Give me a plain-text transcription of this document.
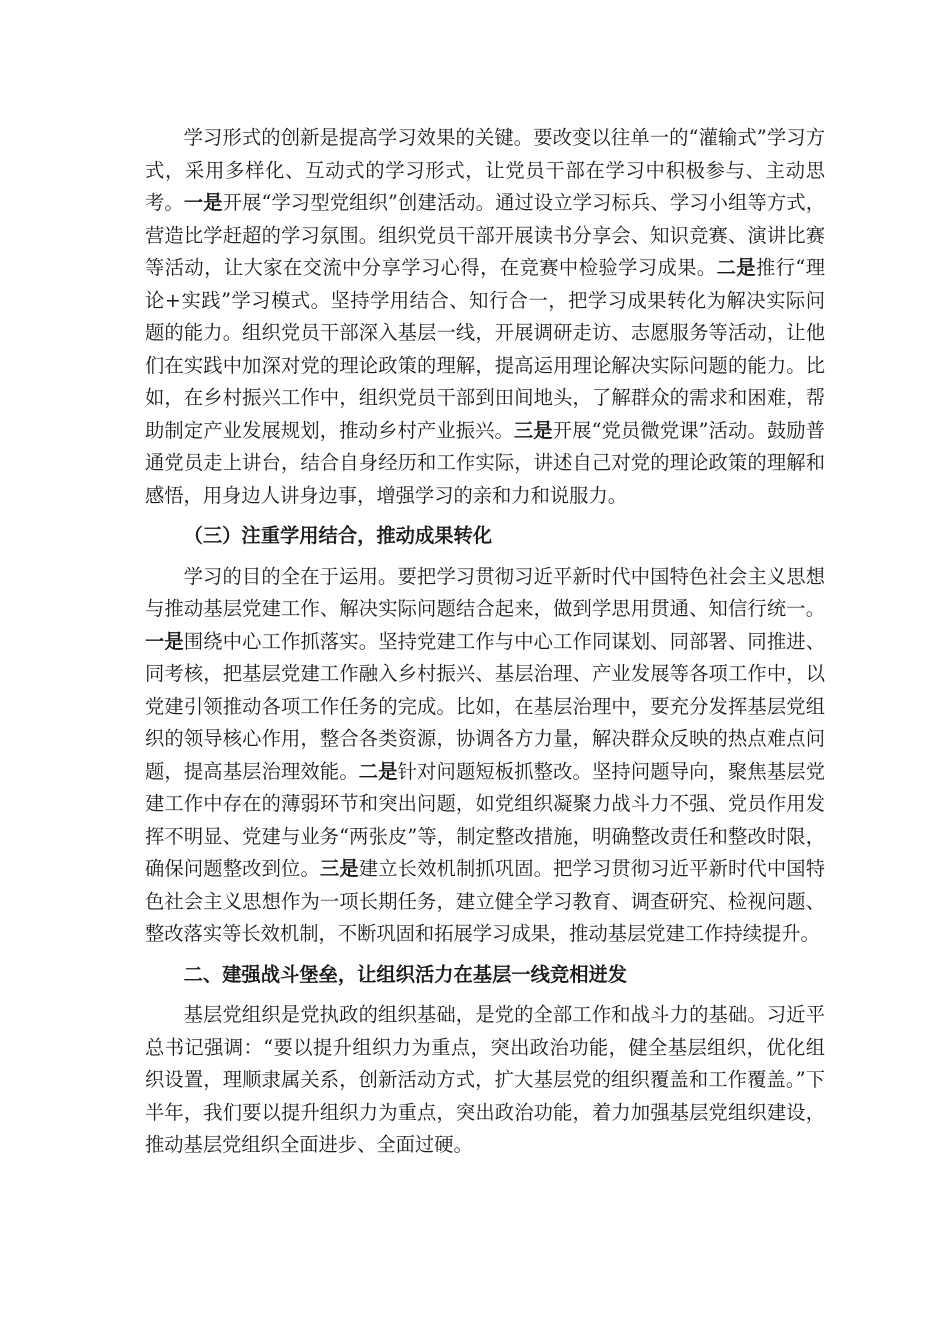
学习形式的创新是提高学习效果的关键。要改变以往单一的“灌输式”学习方式，采用多样化、互动式的学习形式，让党员干部在学习中积极参与、主动思考。一是开展“学习型党组织”创建活动。通过设立学习标兵、学习小组等方式，营造比学赶超的学习氛围。组织党员干部开展读书分享会、知识竞赛、演讲比赛等活动，让大家在交流中分享学习心得，在竞赛中检验学习成果。二是推行“理论+实践”学习模式。坚持学用结合、知行合一，把学习成果转化为解决实际问题的能力。组织党员干部深入基层一线，开展调研走访、志愿服务等活动，让他们在实践中加深对党的理论政策的理解，提高运用理论解决实际问题的能力。比如，在乡村振兴工作中，组织党员干部到田间地头，了解群众的需求和困难，帮助制定产业发展规划，推动乡村产业振兴。三是开展“党员微党课”活动。鼓励普通党员走上讲台，结合自身经历和工作实际，讲述自己对党的理论政策的理解和感悟，用身边人讲身边事，增强学习的亲和力和说服力。

（三）注重学用结合，推动成果转化

学习的目的全在于运用。要把学习贯彻习近平新时代中国特色社会主义思想与推动基层党建工作、解决实际问题结合起来，做到学思用贯通、知信行统一。一是围绕中心工作抓落实。坚持党建工作与中心工作同谋划、同部署、同推进、同考核，把基层党建工作融入乡村振兴、基层治理、产业发展等各项工作中，以党建引领推动各项工作任务的完成。比如，在基层治理中，要充分发挥基层党组织的领导核心作用，整合各类资源，协调各方力量，解决群众反映的热点难点问题，提高基层治理效能。二是针对问题短板抓整改。坚持问题导向，聚焦基层党建工作中存在的薄弱环节和突出问题，如党组织凝聚力战斗力不强、党员作用发挥不明显、党建与业务“两张皮”等，制定整改措施，明确整改责任和整改时限，确保问题整改到位。三是建立长效机制抓巩固。把学习贯彻习近平新时代中国特色社会主义思想作为一项长期任务，建立健全学习教育、调查研究、检视问题、整改落实等长效机制，不断巩固和拓展学习成果，推动基层党建工作持续提升。

二、建强战斗堡垒，让组织活力在基层一线竞相迸发

基层党组织是党执政的组织基础，是党的全部工作和战斗力的基础。习近平总书记强调：“要以提升组织力为重点，突出政治功能，健全基层组织，优化组织设置，理顺隶属关系，创新活动方式，扩大基层党的组织覆盖和工作覆盖。”下半年，我们要以提升组织力为重点，突出政治功能，着力加强基层党组织建设，推动基层党组织全面进步、全面过硬。
